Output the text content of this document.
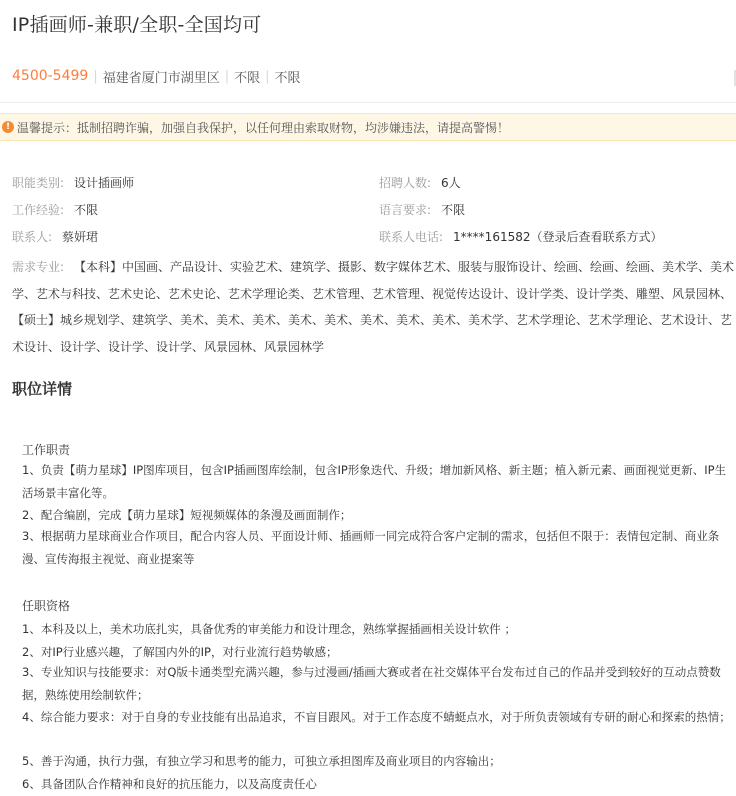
IP插画师-兼职/全职-全国均可
4500-5499 | 福建省厦门市湖里区 | 不限 | 不限
! 温馨提示：抵制招聘诈骗，加强自我保护，以任何理由索取财物，均涉嫌违法，请提高警惕！
职能类别: 设计插画师	招聘人数: 6人
工作经验: 不限	语言要求: 不限
联系人: 蔡妍珺	联系人电话: 1****161582（登录后查看联系方式）
需求专业: 【本科】中国画、产品设计、实验艺术、建筑学、摄影、数字媒体艺术、服装与服饰设计、绘画、绘画、绘画、美术学、美术学、艺术与科技、艺术史论、艺术史论、艺术学理论类、艺术管理、艺术管理、视觉传达设计、设计学类、设计学类、雕塑、风景园林、【硕士】城乡规划学、建筑学、美术、美术、美术、美术、美术、美术、美术、美术、美术学、艺术学理论、艺术学理论、艺术设计、艺术设计、设计学、设计学、设计学、风景园林、风景园林学
职位详情
工作职责
1、负责【萌力星球】IP图库项目，包含IP插画图库绘制，包含IP形象迭代、升级；增加新风格、新主题；植入新元素、画面视觉更新、IP生活场景丰富化等。
2、配合编剧，完成【萌力星球】短视频媒体的条漫及画面制作；
3、根据萌力星球商业合作项目，配合内容人员、平面设计师、插画师一同完成符合客户定制的需求，包括但不限于：表情包定制、商业条漫、宣传海报主视觉、商业提案等
任职资格
1、本科及以上，美术功底扎实，具备优秀的审美能力和设计理念，熟练掌握插画相关设计软件 ；
2、对IP行业感兴趣，了解国内外的IP，对行业流行趋势敏感；
3、专业知识与技能要求：对Q版卡通类型充满兴趣，参与过漫画/插画大赛或者在社交媒体平台发布过自己的作品并受到较好的互动点赞数据，熟练使用绘制软件；
4、综合能力要求：对于自身的专业技能有出品追求，不盲目跟风。对于工作态度不蜻蜓点水，对于所负责领域有专研的耐心和探索的热情；
5、善于沟通，执行力强，有独立学习和思考的能力，可独立承担图库及商业项目的内容输出；
6、具备团队合作精神和良好的抗压能力，以及高度责任心
